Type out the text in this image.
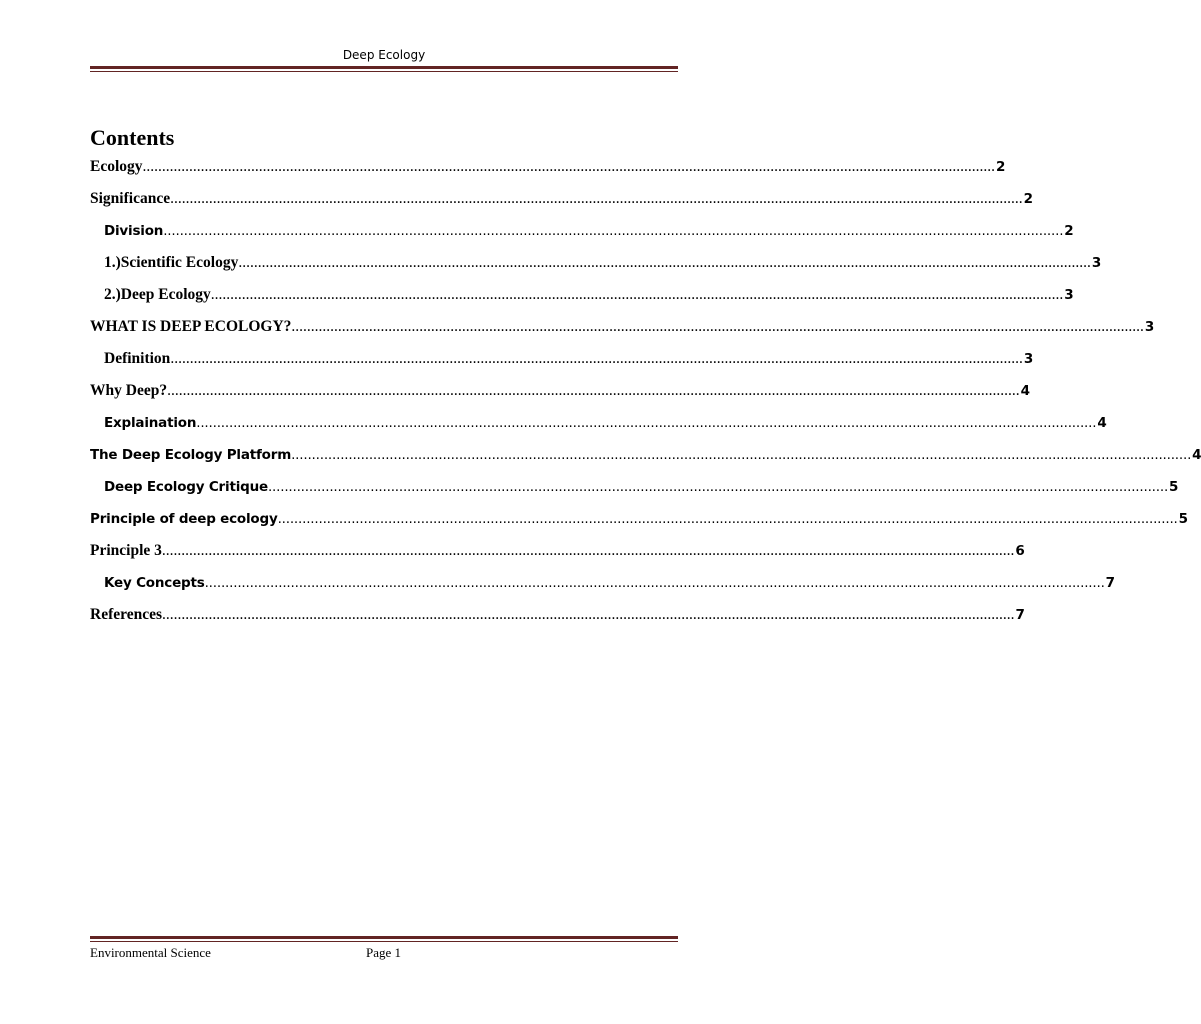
Deep Ecology
Contents
Ecology ............................................................................................................................................................................................................................ 2
Significance ............................................................................................................................................................................................................................ 2
Division ............................................................................................................................................................................................................................ 2
1.) Scientific Ecology ............................................................................................................................................................................................................................ 3
2.) Deep Ecology ............................................................................................................................................................................................................................ 3
WHAT IS DEEP ECOLOGY? ............................................................................................................................................................................................................................ 3
Definition ............................................................................................................................................................................................................................ 3
Why Deep? ............................................................................................................................................................................................................................ 4
Explaination ............................................................................................................................................................................................................................ 4
The Deep Ecology Platform ............................................................................................................................................................................................................................ 4
Deep Ecology Critique ............................................................................................................................................................................................................................ 5
Principle of deep ecology ............................................................................................................................................................................................................................ 5
Principle 3 ............................................................................................................................................................................................................................ 6
Key Concepts ............................................................................................................................................................................................................................ 7
References ............................................................................................................................................................................................................................ 7
Environmental Science	Page 1
